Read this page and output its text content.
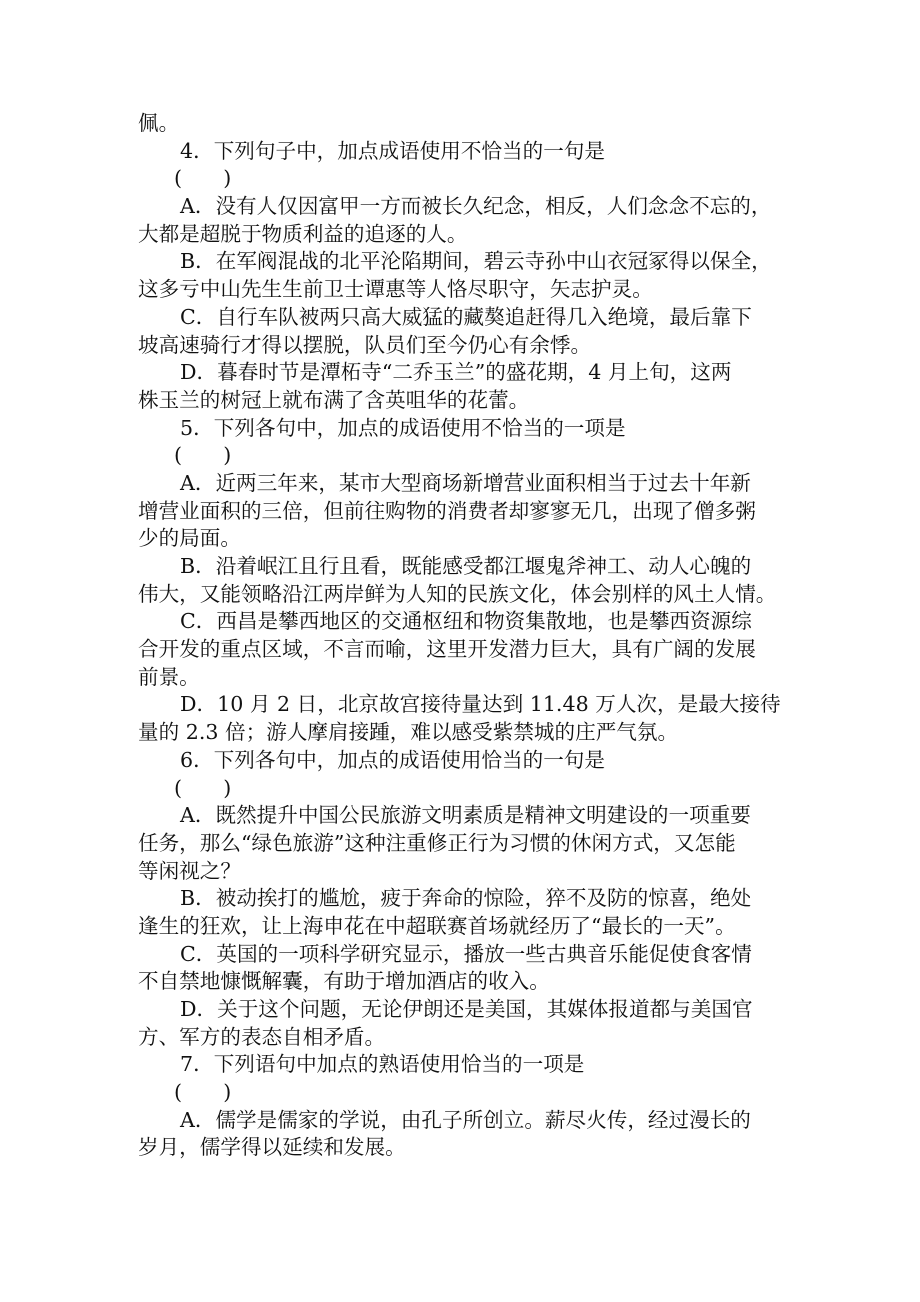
佩。
4．下列句子中，加点成语使用不恰当的一句是
(　　)
A．没有人仅因富甲一方而被长久纪念，相反，人们念念不忘的，
大都是超脱于物质利益的追逐的人。
B．在军阀混战的北平沦陷期间，碧云寺孙中山衣冠冢得以保全，
这多亏中山先生生前卫士谭惠等人恪尽职守，矢志护灵。
C．自行车队被两只高大威猛的藏獒追赶得几入绝境，最后靠下
坡高速骑行才得以摆脱，队员们至今仍心有余悸。
D．暮春时节是潭柘寺“二乔玉兰”的盛花期，4 月上旬，这两
株玉兰的树冠上就布满了含英咀华的花蕾。
5．下列各句中，加点的成语使用不恰当的一项是
(　　)
A．近两三年来，某市大型商场新增营业面积相当于过去十年新
增营业面积的三倍，但前往购物的消费者却寥寥无几，出现了僧多粥
少的局面。
B．沿着岷江且行且看，既能感受都江堰鬼斧神工、动人心魄的
伟大，又能领略沿江两岸鲜为人知的民族文化，体会别样的风土人情。
C．西昌是攀西地区的交通枢纽和物资集散地，也是攀西资源综
合开发的重点区域，不言而喻，这里开发潜力巨大，具有广阔的发展
前景。
D．10 月 2 日，北京故宫接待量达到 11.48 万人次，是最大接待
量的 2.3 倍；游人摩肩接踵，难以感受紫禁城的庄严气氛。
6．下列各句中，加点的成语使用恰当的一句是
(　　)
A．既然提升中国公民旅游文明素质是精神文明建设的一项重要
任务，那么“绿色旅游”这种注重修正行为习惯的休闲方式，又怎能
等闲视之？
B．被动挨打的尴尬，疲于奔命的惊险，猝不及防的惊喜，绝处
逢生的狂欢，让上海申花在中超联赛首场就经历了“最长的一天”。
C．英国的一项科学研究显示，播放一些古典音乐能促使食客情
不自禁地慷慨解囊，有助于增加酒店的收入。
D．关于这个问题，无论伊朗还是美国，其媒体报道都与美国官
方、军方的表态自相矛盾。
7．下列语句中加点的熟语使用恰当的一项是
(　　)
A．儒学是儒家的学说，由孔子所创立。薪尽火传，经过漫长的
岁月，儒学得以延续和发展。
